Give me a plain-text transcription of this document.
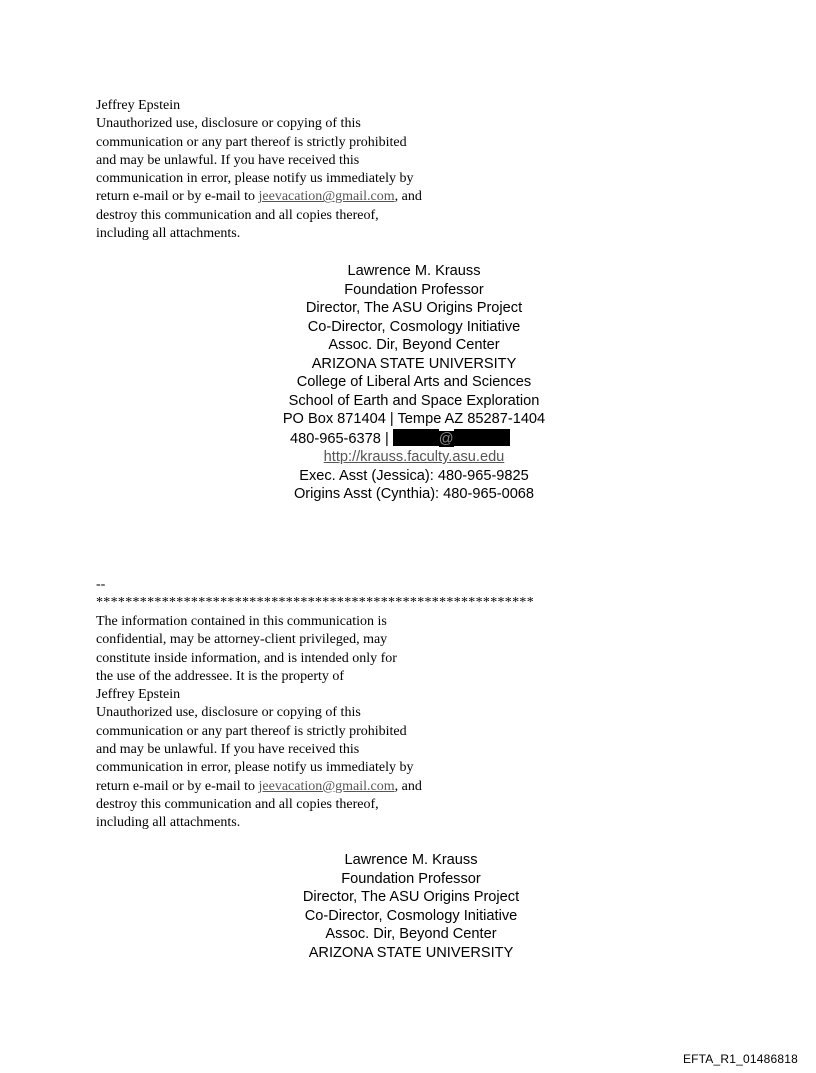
Jeffrey Epstein
Unauthorized use, disclosure or copying of this
communication or any part thereof is strictly prohibited
and may be unlawful. If you have received this
communication in error, please notify us immediately by
return e-mail or by e-mail to jeevacation@gmail.com, and
destroy this communication and all copies thereof,
including all attachments.
Lawrence M. Krauss
Foundation Professor
Director, The ASU Origins Project
Co-Director, Cosmology Initiative
Assoc. Dir, Beyond Center
ARIZONA STATE UNIVERSITY
College of Liberal Arts and Sciences
School of Earth and Space Exploration
PO Box 871404 | Tempe AZ 85287-1404
480-965-6378 |	@
http://krauss.faculty.asu.edu
Exec. Asst (Jessica): 480-965-9825
Origins Asst (Cynthia): 480-965-0068
--
************************************************************
The information contained in this communication is
confidential, may be attorney-client privileged, may
constitute inside information, and is intended only for
the use of the addressee. It is the property of
Jeffrey Epstein
Unauthorized use, disclosure or copying of this
communication or any part thereof is strictly prohibited
and may be unlawful. If you have received this
communication in error, please notify us immediately by
return e-mail or by e-mail to jeevacation@gmail.com, and
destroy this communication and all copies thereof,
including all attachments.
Lawrence M. Krauss
Foundation Professor
Director, The ASU Origins Project
Co-Director, Cosmology Initiative
Assoc. Dir, Beyond Center
ARIZONA STATE UNIVERSITY
EFTA_R1_01486818
